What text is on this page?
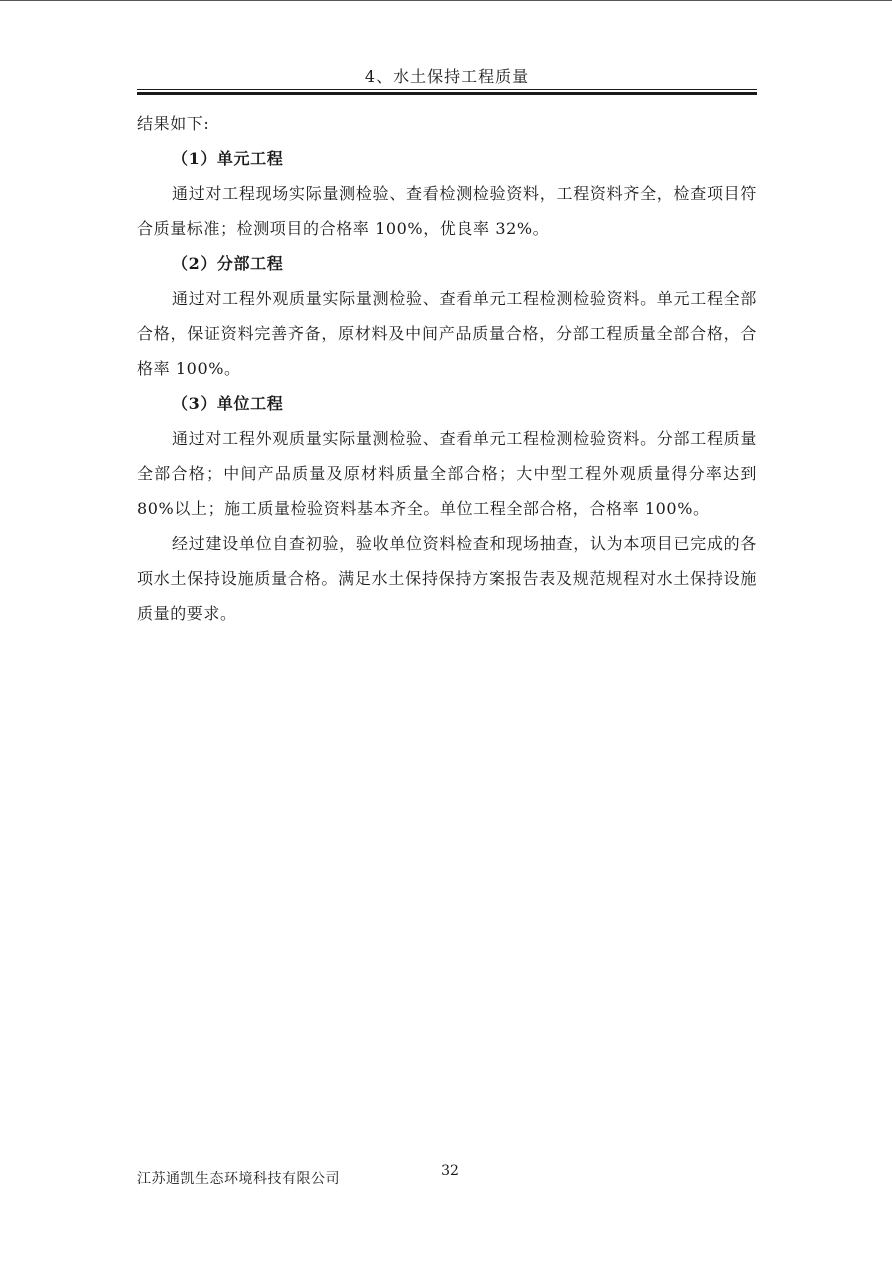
4、水土保持工程质量

结果如下:

（1）单元工程

通过对工程现场实际量测检验、查看检测检验资料，工程资料齐全，检查项目符合质量标准；检测项目的合格率 100%，优良率 32%。

（2）分部工程

通过对工程外观质量实际量测检验、查看单元工程检测检验资料。单元工程全部合格，保证资料完善齐备，原材料及中间产品质量合格，分部工程质量全部合格，合格率 100%。

（3）单位工程

通过对工程外观质量实际量测检验、查看单元工程检测检验资料。分部工程质量全部合格；中间产品质量及原材料质量全部合格；大中型工程外观质量得分率达到 80%以上；施工质量检验资料基本齐全。单位工程全部合格，合格率 100%。

经过建设单位自查初验，验收单位资料检查和现场抽查，认为本项目已完成的各项水土保持设施质量合格。满足水土保持保持方案报告表及规范规程对水土保持设施质量的要求。

32
江苏通凯生态环境科技有限公司
